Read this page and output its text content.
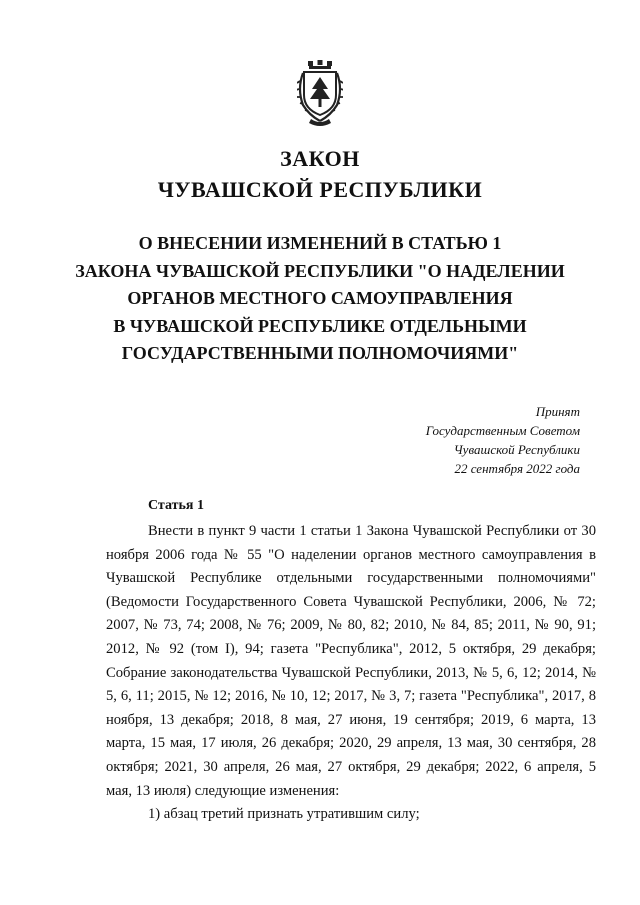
ЗАКОН
ЧУВАШСКОЙ РЕСПУБЛИКИ
О ВНЕСЕНИИ ИЗМЕНЕНИЙ В СТАТЬЮ 1
ЗАКОНА ЧУВАШСКОЙ РЕСПУБЛИКИ "О НАДЕЛЕНИИ
ОРГАНОВ МЕСТНОГО САМОУПРАВЛЕНИЯ
В ЧУВАШСКОЙ РЕСПУБЛИКЕ ОТДЕЛЬНЫМИ
ГОСУДАРСТВЕННЫМИ ПОЛНОМОЧИЯМИ"
Принят
Государственным Советом
Чувашской Республики
22 сентября 2022 года
Статья 1

Внести в пункт 9 части 1 статьи 1 Закона Чувашской Республики от 30 ноября 2006 года № 55 "О наделении органов местного самоуправления в Чувашской Республике отдельными государственными полномочиями" (Ведомости Государственного Совета Чувашской Республики, 2006, № 72; 2007, № 73, 74; 2008, № 76; 2009, № 80, 82; 2010, № 84, 85; 2011, № 90, 91; 2012, № 92 (том I), 94; газета "Республика", 2012, 5 октября, 29 декабря; Собрание законодательства Чувашской Республики, 2013, № 5, 6, 12; 2014, № 5, 6, 11; 2015, № 12; 2016, № 10, 12; 2017, № 3, 7; газета "Республика", 2017, 8 ноября, 13 декабря; 2018, 8 мая, 27 июня, 19 сентября; 2019, 6 марта, 13 марта, 15 мая, 17 июля, 26 декабря; 2020, 29 апреля, 13 мая, 30 сентября, 28 октября; 2021, 30 апреля, 26 мая, 27 октября, 29 декабря; 2022, 6 апреля, 5 мая, 13 июля) следующие изменения:

1) абзац третий признать утратившим силу;
